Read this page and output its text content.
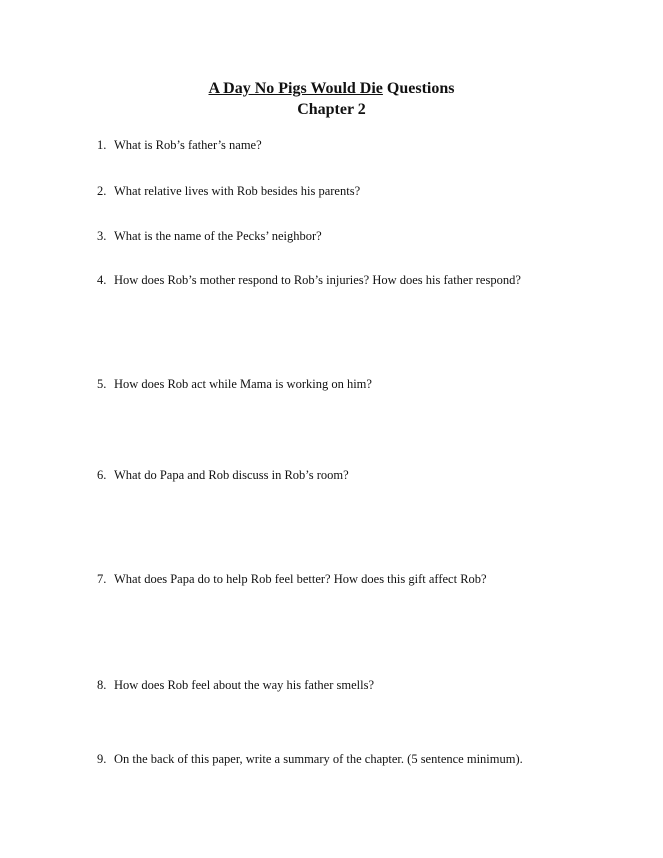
A Day No Pigs Would Die Questions
Chapter 2
1. What is Rob’s father’s name?
2. What relative lives with Rob besides his parents?
3. What is the name of the Pecks’ neighbor?
4. How does Rob’s mother respond to Rob’s injuries? How does his father respond?
5. How does Rob act while Mama is working on him?
6. What do Papa and Rob discuss in Rob’s room?
7. What does Papa do to help Rob feel better? How does this gift affect Rob?
8. How does Rob feel about the way his father smells?
9. On the back of this paper, write a summary of the chapter. (5 sentence minimum).
